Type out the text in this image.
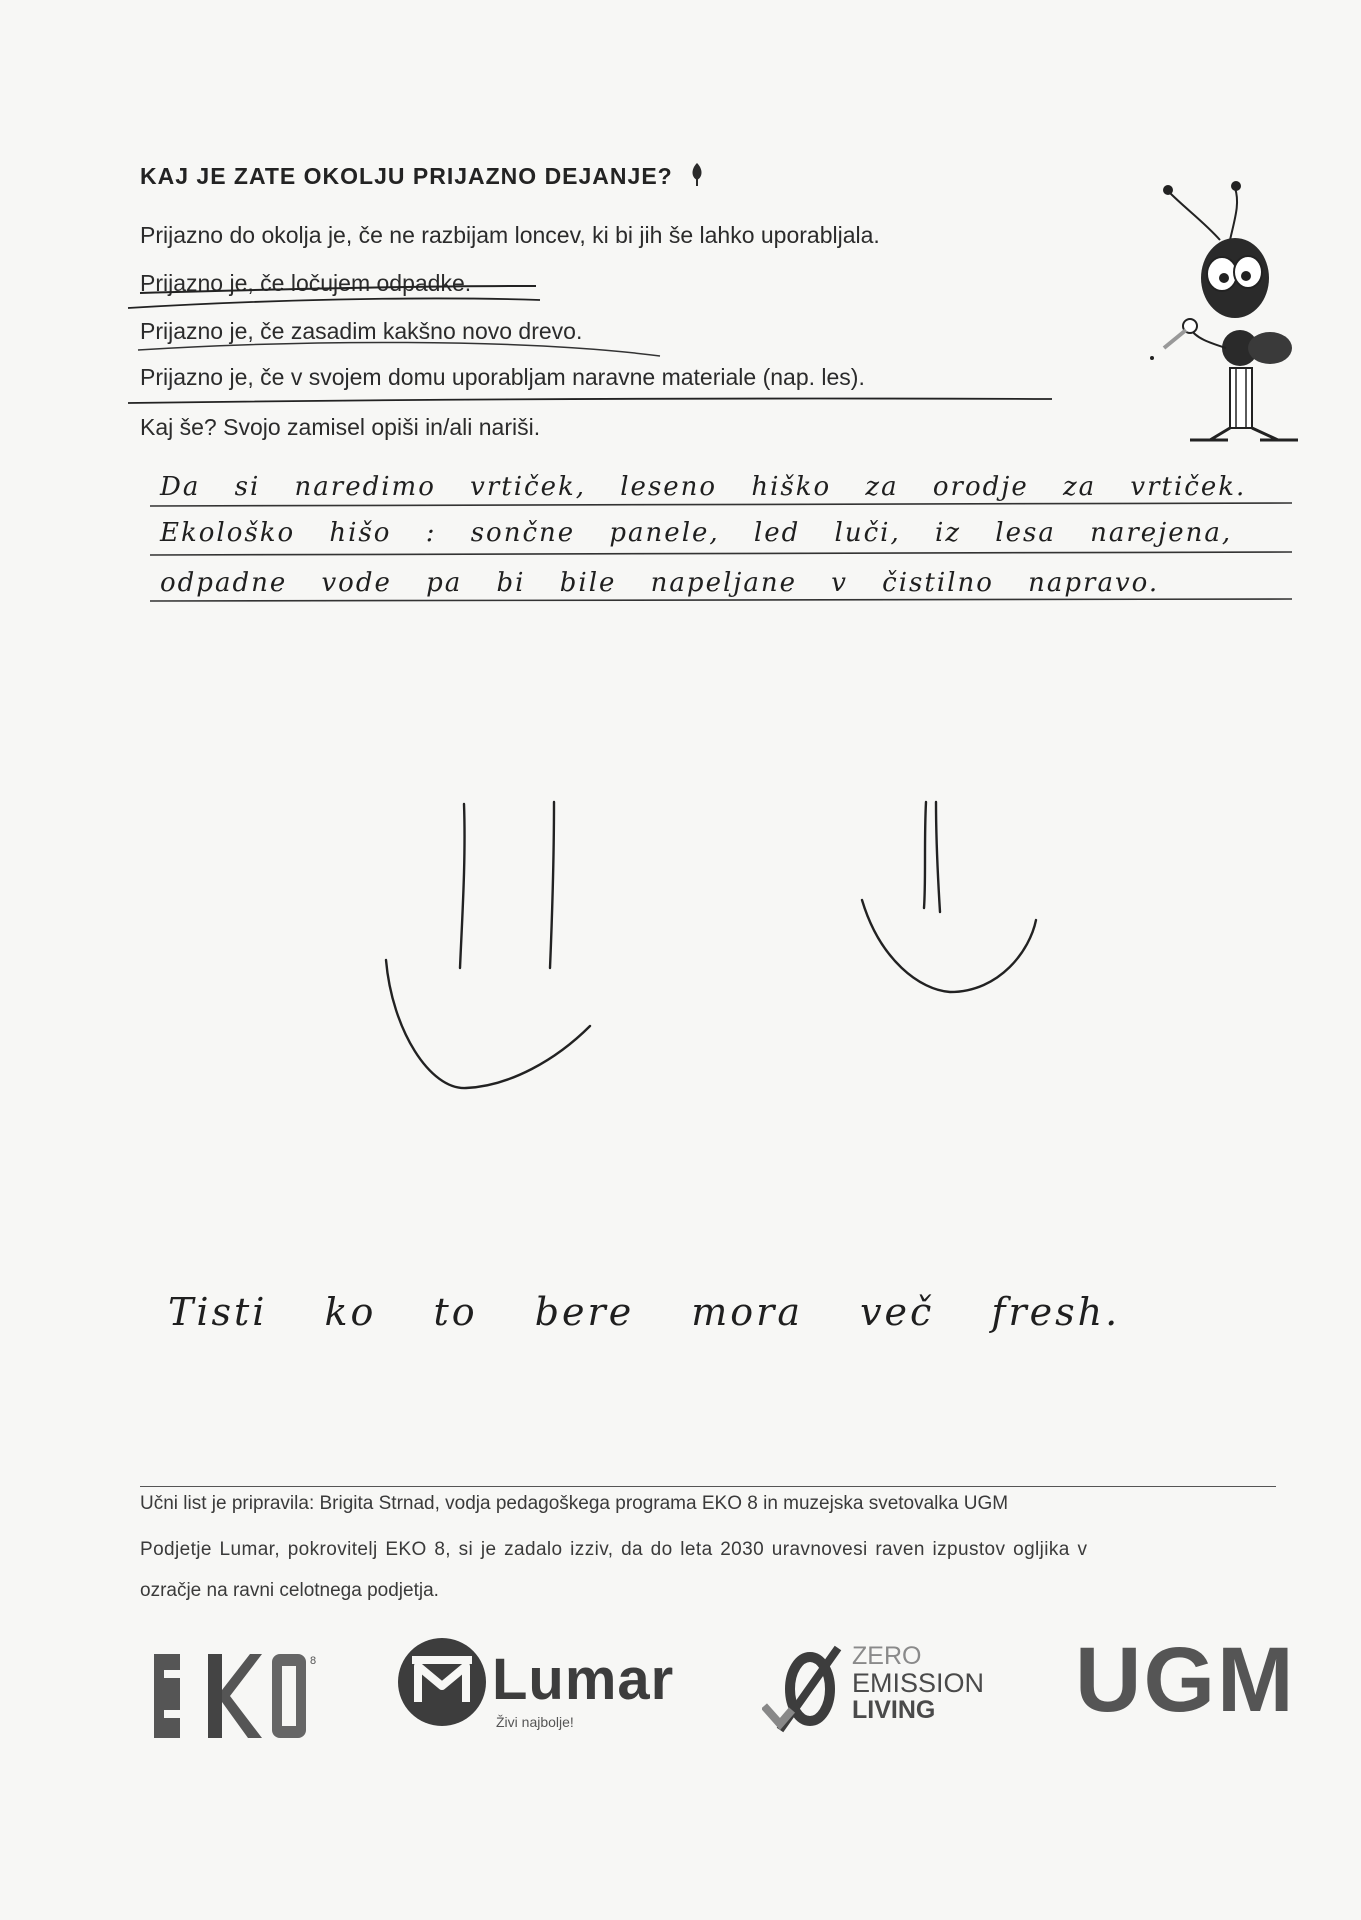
KAJ JE ZATE OKOLJU PRIJAZNO DEJANJE?
Prijazno do okolja je, če ne razbijam loncev, ki bi jih še lahko uporabljala.
Prijazno je, če ločujem odpadke.
Prijazno je, če zasadim kakšno novo drevo.
Prijazno je, če v svojem domu uporabljam naravne materiale (nap. les).
Kaj še? Svojo zamisel opiši in/ali nariši.
Da si naredimo vrtiček, leseno hiško za orodje za vrtiček.
Ekološko hišo : sončne panele, led luči, iz lesa narejena,
odpadne vode pa bi bile napeljane v čistilno napravo.
Tisti ko to bere mora več fresh.
Učni list je pripravila: Brigita Strnad, vodja pedagoškega programa EKO 8 in muzejska svetovalka UGM
Podjetje Lumar, pokrovitelj EKO 8, si je zadalo izziv, da do leta 2030 uravnovesi raven izpustov ogljika v
ozračje na ravni celotnega podjetja.
8	Lumar
Živi najbolje!
ZERO
EMISSION
LIVING UGM
